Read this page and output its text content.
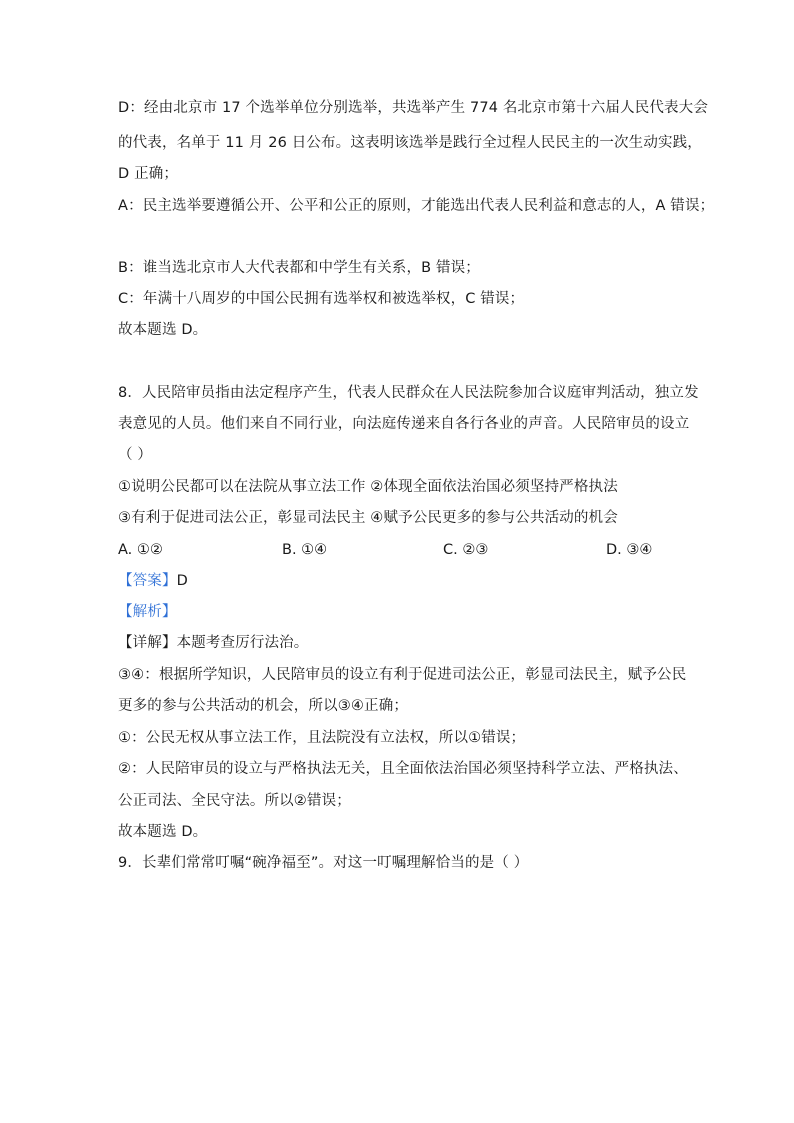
D：经由北京市 17 个选举单位分别选举，共选举产生 774 名北京市第十六届人民代表大会
的代表，名单于 11 月 26 日公布。这表明该选举是践行全过程人民民主的一次生动实践，
D 正确；
A：民主选举要遵循公开、公平和公正的原则，才能选出代表人民利益和意志的人，A 错误；
B：谁当选北京市人大代表都和中学生有关系，B 错误；
C：年满十八周岁的中国公民拥有选举权和被选举权，C 错误；
故本题选 D。
8．人民陪审员指由法定程序产生，代表人民群众在人民法院参加合议庭审判活动，独立发
表意见的人员。他们来自不同行业，向法庭传递来自各行各业的声音。人民陪审员的设立
（ ）
①说明公民都可以在法院从事立法工作 ②体现全面依法治国必须坚持严格执法
③有利于促进司法公正，彰显司法民主 ④赋予公民更多的参与公共活动的机会
A. ①②	B. ①④	C. ②③	D. ③④
【答案】D
【解析】
【详解】本题考查厉行法治。
③④：根据所学知识，人民陪审员的设立有利于促进司法公正，彰显司法民主，赋予公民
更多的参与公共活动的机会，所以③④正确；
①：公民无权从事立法工作，且法院没有立法权，所以①错误；
②：人民陪审员的设立与严格执法无关，且全面依法治国必须坚持科学立法、严格执法、
公正司法、全民守法。所以②错误；
故本题选 D。
9．长辈们常常叮嘱“碗净福至”。对这一叮嘱理解恰当的是（ ）
